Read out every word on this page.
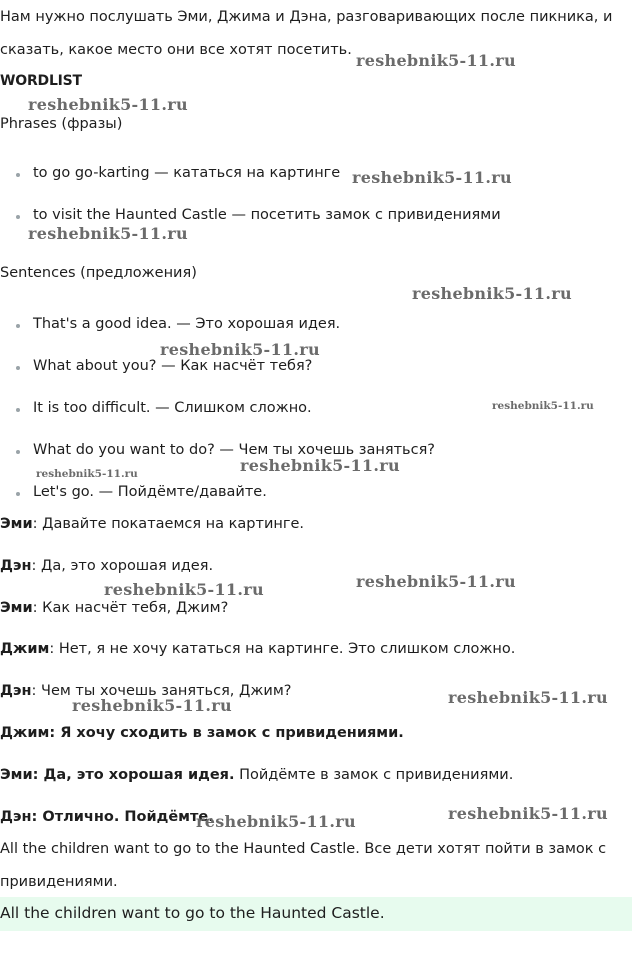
Нам нужно послушать Эми, Джима и Дэна, разговаривающих после пикника, и
сказать, какое место они все хотят посетить.
WORDLIST
Phrases (фразы)
to go go-karting — кататься на картинге
to visit the Haunted Castle — посетить замок с привидениями
Sentences (предложения)
That's a good idea. — Это хорошая идея.
What about you? — Как насчёт тебя?
It is too difficult. — Слишком сложно.
What do you want to do? — Чем ты хочешь заняться?
Let's go. — Пойдёмте/давайте.
Эми: Давайте покатаемся на картинге.
Дэн: Да, это хорошая идея.
Эми: Как насчёт тебя, Джим?
Джим: Нет, я не хочу кататься на картинге. Это слишком сложно.
Дэн: Чем ты хочешь заняться, Джим?
Джим: Я хочу сходить в замок с привидениями.
Эми: Да, это хорошая идея. Пойдёмте в замок с привидениями.
Дэн: Отлично. Пойдёмте.
All the children want to go to the Haunted Castle. Все дети хотят пойти в замок с
привидениями.
All the children want to go to the Haunted Castle.
reshebnik5-11.ru
reshebnik5-11.ru
reshebnik5-11.ru
reshebnik5-11.ru
reshebnik5-11.ru
reshebnik5-11.ru
reshebnik5-11.ru
reshebnik5-11.ru
reshebnik5-11.ru
reshebnik5-11.ru
reshebnik5-11.ru
reshebnik5-11.ru
reshebnik5-11.ru
reshebnik5-11.ru
reshebnik5-11.ru
